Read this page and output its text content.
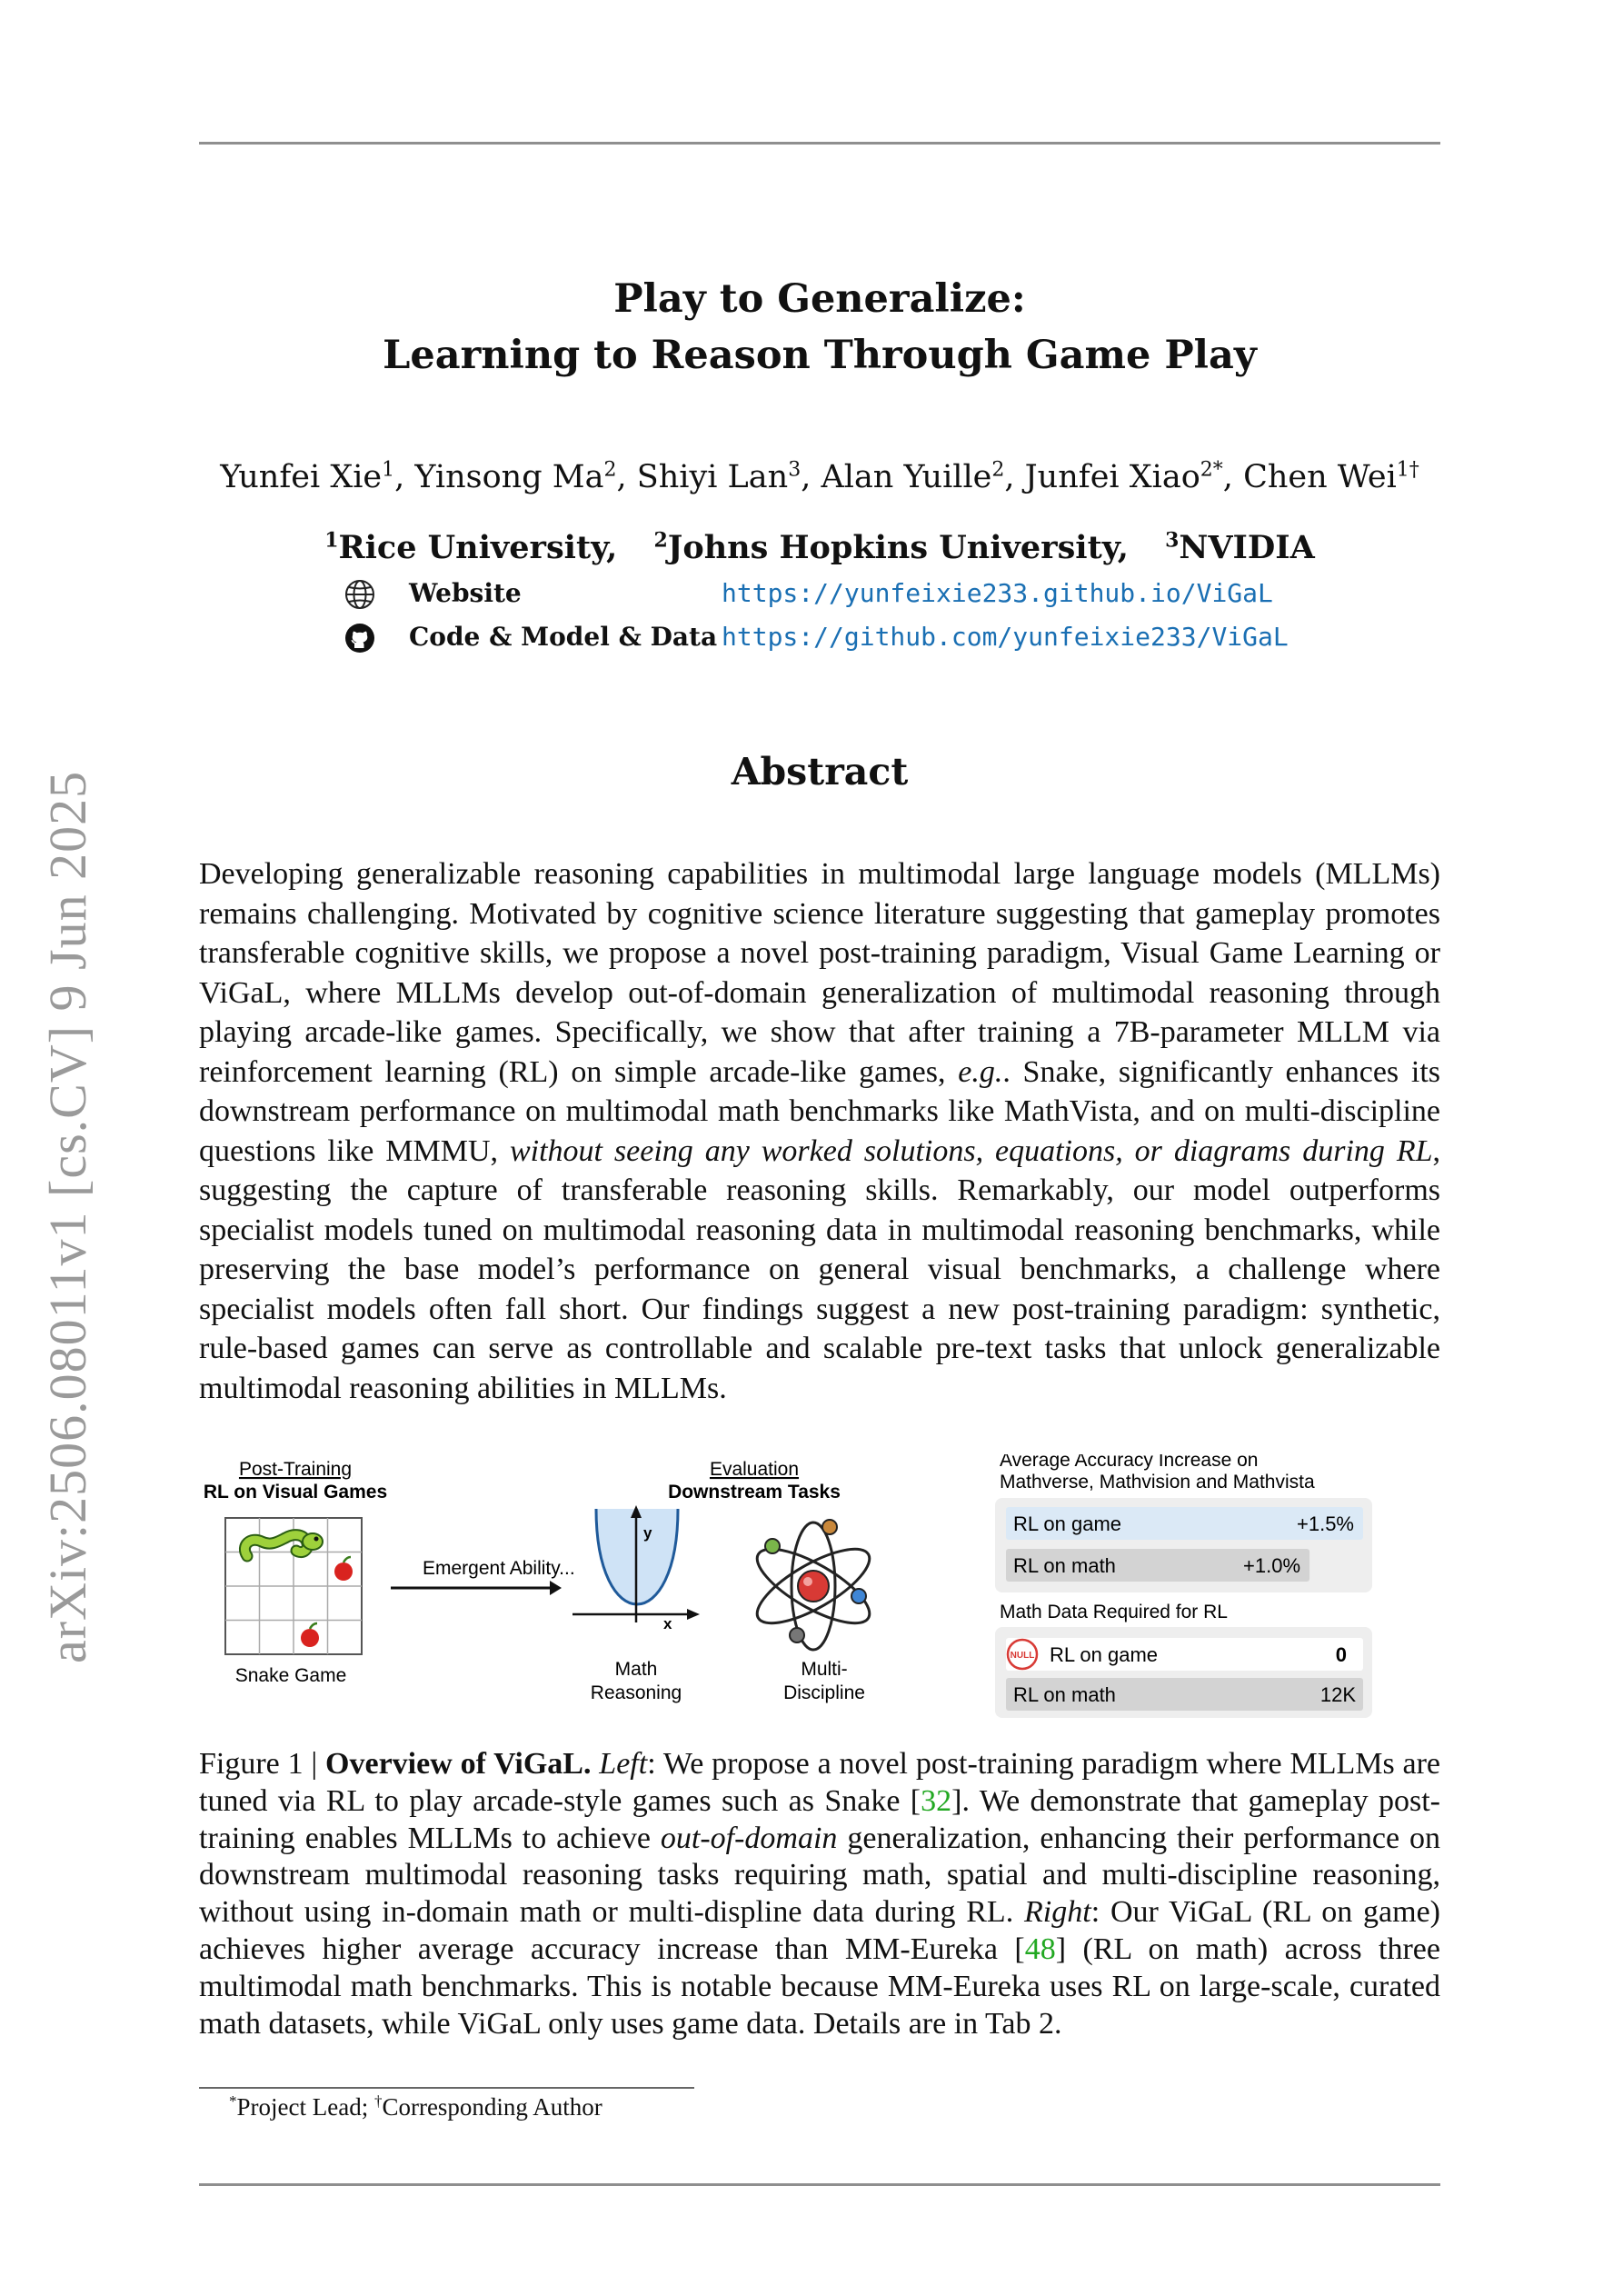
arXiv:2506.08011v1 [cs.CV] 9 Jun 2025
Play to Generalize:
Learning to Reason Through Game Play
Yunfei Xie$^1$, Yinsong Ma$^2$, Shiyi Lan$^3$, Alan Yuille$^2$, Junfei Xiao$^{2*}$, Chen Wei$^{1\dagger}$
$^1$Rice University, $^2$Johns Hopkins University, $^3$NVIDIA
Website	https://yunfeixie233.github.io/ViGaL
Code & Model & Data https://github.com/yunfeixie233/ViGaL
Abstract
Developing generalizable reasoning capabilities in multimodal large language models (MLLMs) remains challenging. Motivated by cognitive science literature suggesting that gameplay promotes transferable cognitive skills, we propose a novel post-training paradigm, Visual Game Learning or ViGaL, where MLLMs develop out-of-domain generalization of multimodal reasoning through playing arcade-like games. Specifically, we show that after training a 7B-parameter MLLM via reinforcement learning (RL) on simple arcade-like games, e.g.. Snake, significantly enhances its downstream performance on multimodal math benchmarks like MathVista, and on multi-discipline questions like MMMU, without seeing any worked solutions, equations, or diagrams during RL, suggesting the capture of transferable reasoning skills. Remarkably, our model outperforms specialist models tuned on multimodal reasoning data in multimodal reasoning benchmarks, while preserving the base model’s performance on general visual benchmarks, a challenge where specialist models often fall short. Our findings suggest a new post-training paradigm: synthetic, rule-based games can serve as controllable and scalable pre-text tasks that unlock generalizable multimodal reasoning abilities in MLLMs.
Post-Training
RL on Visual Games
Snake Game
Emergent Ability...
Evaluation
Downstream Tasks
y
x
Math
Reasoning
Multi-
Discipline
Average Accuracy Increase on
Mathverse, Mathvision and Mathvista
RL on game	+1.5%
RL on math	+1.0%
Math Data Required for RL
NULL RL on game	0
RL on math	12K
Figure 1 | Overview of ViGaL. Left: We propose a novel post-training paradigm where MLLMs are tuned via RL to play arcade-style games such as Snake [32]. We demonstrate that gameplay post-training enables MLLMs to achieve out-of-domain generalization, enhancing their performance on downstream multimodal reasoning tasks requiring math, spatial and multi-discipline reasoning, without using in-domain math or multi-displine data during RL. Right: Our ViGaL (RL on game) achieves higher average accuracy increase than MM-Eureka [48] (RL on math) across three multimodal math benchmarks. This is notable because MM-Eureka uses RL on large-scale, curated math datasets, while ViGaL only uses game data. Details are in Tab 2.
*Project Lead; †Corresponding Author
